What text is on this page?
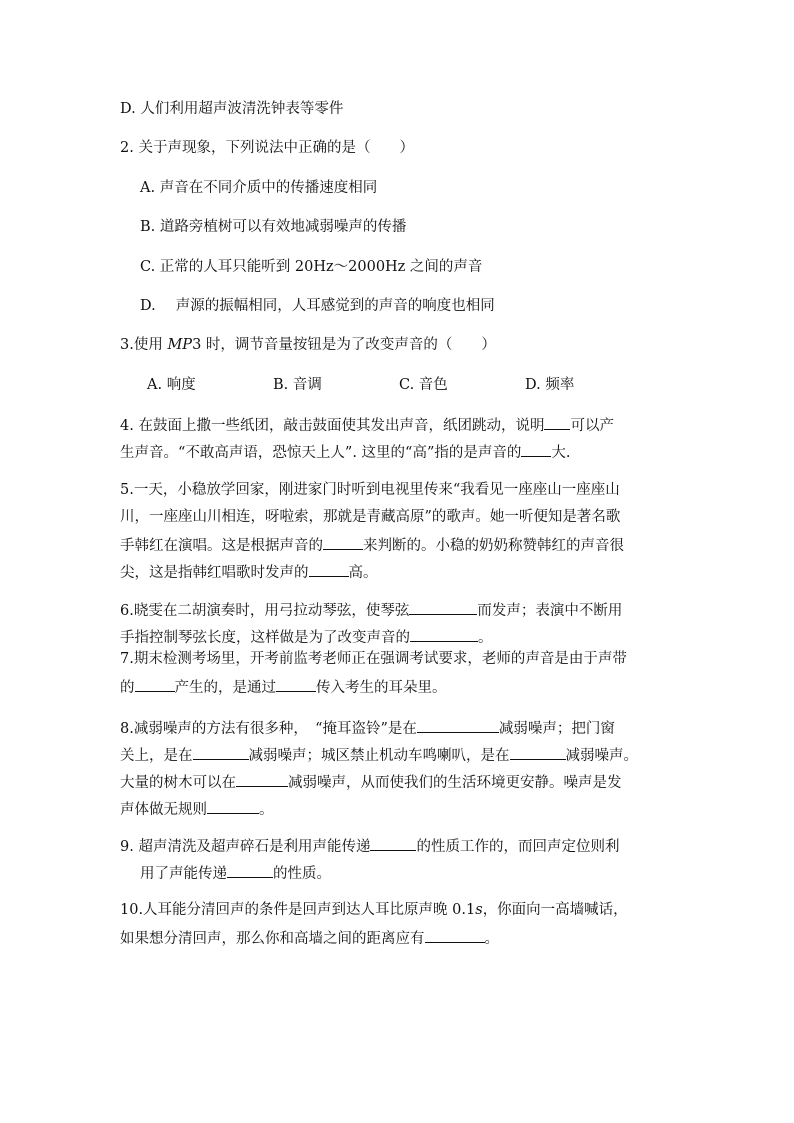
D. 人们利用超声波清洗钟表等零件
2. 关于声现象，下列说法中正确的是（　　）
A. 声音在不同介质中的传播速度相同
B. 道路旁植树可以有效地减弱噪声的传播
C. 正常的人耳只能听到 20Hz～2000Hz 之间的声音
D. 声源的振幅相同，人耳感觉到的声音的响度也相同
3.使用 MP3 时，调节音量按钮是为了改变声音的（　　）
A. 响度	B. 音调	C. 音色	D. 频率
4. 在鼓面上撒一些纸团，敲击鼓面使其发出声音，纸团跳动，说明 可以产
生声音。“不敢高声语，恐惊天上人”. 这里的“高”指的是声音的 大.
5.一天，小稳放学回家，刚进家门时听到电视里传来“我看见一座座山一座座山
川，一座座山川相连，呀啦索，那就是青藏高原”的歌声。她一听便知是著名歌
手韩红在演唱。这是根据声音的	来判断的。小稳的奶奶称赞韩红的声音很
尖，这是指韩红唱歌时发声的	高。
6.晓雯在二胡演奏时，用弓拉动琴弦，使琴弦	而发声；表演中不断用
手指控制琴弦长度，这样做是为了改变声音的	。
7.期末检测考场里，开考前监考老师正在强调考试要求，老师的声音是由于声带
的	产生的，是通过	传入考生的耳朵里。
8.减弱噪声的方法有很多种，　“掩耳盗铃”是在	减弱噪声；把门窗
关上，是在	减弱噪声；城区禁止机动车鸣喇叭，是在	减弱噪声。
大量的树木可以在	减弱噪声，从而使我们的生活环境更安静。噪声是发
声体做无规则	。
9. 超声清洗及超声碎石是利用声能传递	的性质工作的，而回声定位则利
用了声能传递	的性质。
10.人耳能分清回声的条件是回声到达人耳比原声晚 0.1s，你面向一高墙喊话，
如果想分清回声，那么你和高墙之间的距离应有	。
